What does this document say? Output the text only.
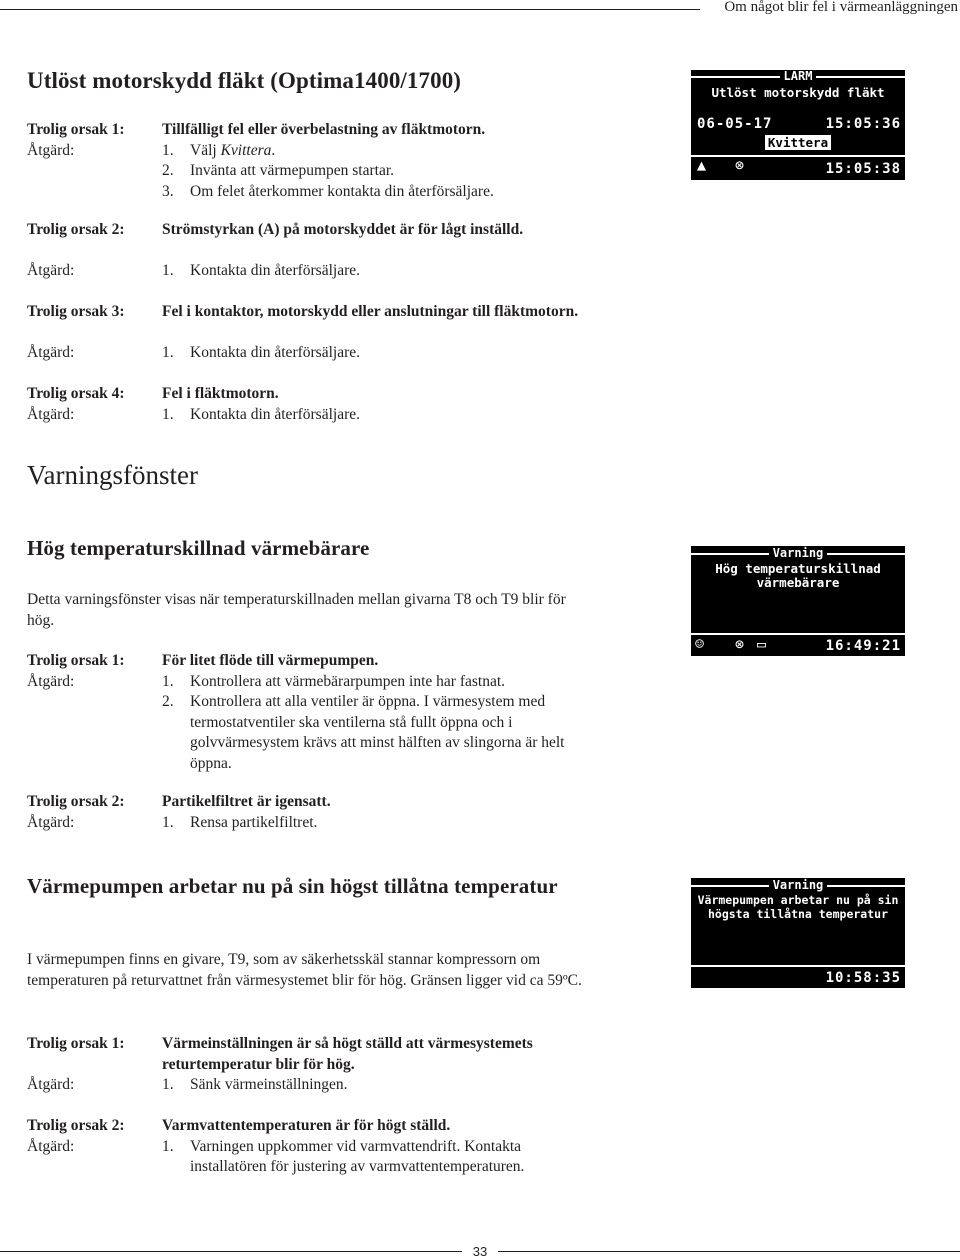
Om något blir fel i värmeanläggningen
Utlöst motorskydd fläkt (Optima1400/1700)
Trolig orsak 1: Tillfälligt fel eller överbelastning av fläktmotorn.
Åtgärd:	1. Välj Kvittera.
2. Invänta att värmepumpen startar.
3. Om felet återkommer kontakta din återförsäljare.
Trolig orsak 2: Strömstyrkan (A) på motorskyddet är för lågt inställd.
Åtgärd:	1. Kontakta din återförsäljare.
Trolig orsak 3: Fel i kontaktor, motorskydd eller anslutningar till fläktmotorn.
Åtgärd:	1. Kontakta din återförsäljare.
Trolig orsak 4: Fel i fläktmotorn.
Åtgärd:	1. Kontakta din återförsäljare.
LARM
Utlöst motorskydd fläkt
06-05-17	15:05:36
Kvittera
▲ ⊗	15:05:38
Varningsfönster
Hög temperaturskillnad värmebärare
Detta varningsfönster visas när temperaturskillnaden mellan givarna T8 och T9 blir för hög.
Trolig orsak 1: För litet flöde till värmepumpen.
Åtgärd:	1. Kontrollera att värmebärarpumpen inte har fastnat.
2. Kontrollera att alla ventiler är öppna. I värmesystem med termostatventiler ska ventilerna stå fullt öppna och i golvvärmesystem krävs att minst hälften av slingorna är helt öppna.
Trolig orsak 2: Partikelfiltret är igensatt.
Åtgärd:	1. Rensa partikelfiltret.
Varning
Hög temperaturskillnad
värmebärare
☺ ⊗ ▭	16:49:21
Värmepumpen arbetar nu på sin högst tillåtna temperatur
I värmepumpen finns en givare, T9, som av säkerhetsskäl stannar kompressorn om temperaturen på returvattnet från värmesystemet blir för hög. Gränsen ligger vid ca 59ºC.
Trolig orsak 1: Värmeinställningen är så högt ställd att värmesystemets returtemperatur blir för hög.
Åtgärd:	1. Sänk värmeinställningen.
Trolig orsak 2: Varmvattentemperaturen är för högt ställd.
Åtgärd:	1. Varningen uppkommer vid varmvattendrift. Kontakta installatören för justering av varmvattentemperaturen.
Varning
Värmepumpen arbetar nu på sin
högsta tillåtna temperatur
10:58:35
33
